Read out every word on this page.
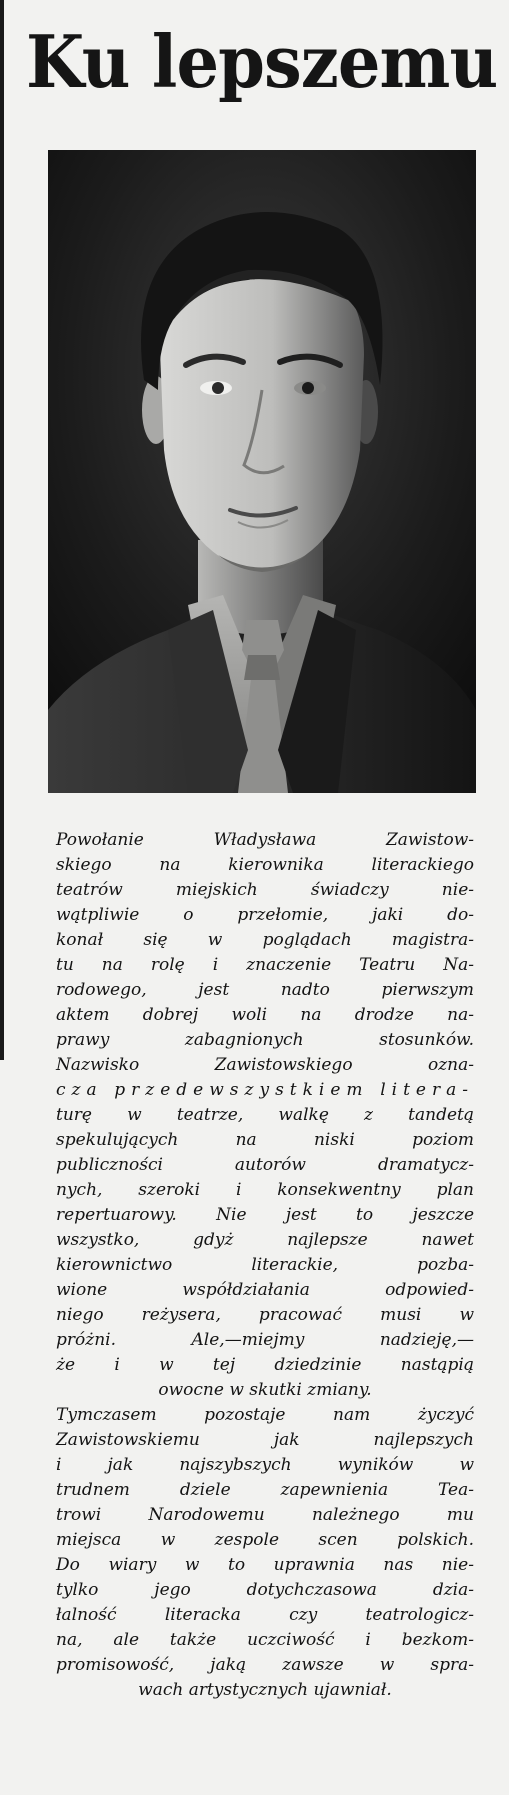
Ku lepszemu
Powołanie Władysława Zawistow-
skiego na kierownika literackiego
teatrów miejskich świadczy nie-
wątpliwie o przełomie, jaki do-
konał się w poglądach magistra-
tu na rolę i znaczenie Teatru Na-
rodowego, jest nadto pierwszym
aktem dobrej woli na drodze na-
prawy zabagnionych stosunków.
Nazwisko Zawistowskiego ozna-
cza przedewszystkiem litera-
turę w teatrze, walkę z tandetą
spekulujących na niski poziom
publiczności autorów dramatycz-
nych, szeroki i konsekwentny plan
repertuarowy. Nie jest to jeszcze
wszystko, gdyż najlepsze nawet
kierownictwo literackie, pozba-
wione współdziałania odpowied-
niego reżysera, pracować musi w
próżni. Ale,—miejmy nadzieję,—
że i w tej dziedzinie nastąpią
owocne w skutki zmiany.
Tymczasem pozostaje nam życzyć
Zawistowskiemu jak najlepszych
i jak najszybszych wyników w
trudnem dziele zapewnienia Tea-
trowi Narodowemu należnego mu
miejsca w zespole scen polskich.
Do wiary w to uprawnia nas nie-
tylko jego dotychczasowa dzia-
łalność literacka czy teatrologicz-
na, ale także uczciwość i bezkom-
promisowość, jaką zawsze w spra-
wach artystycznych ujawniał.
